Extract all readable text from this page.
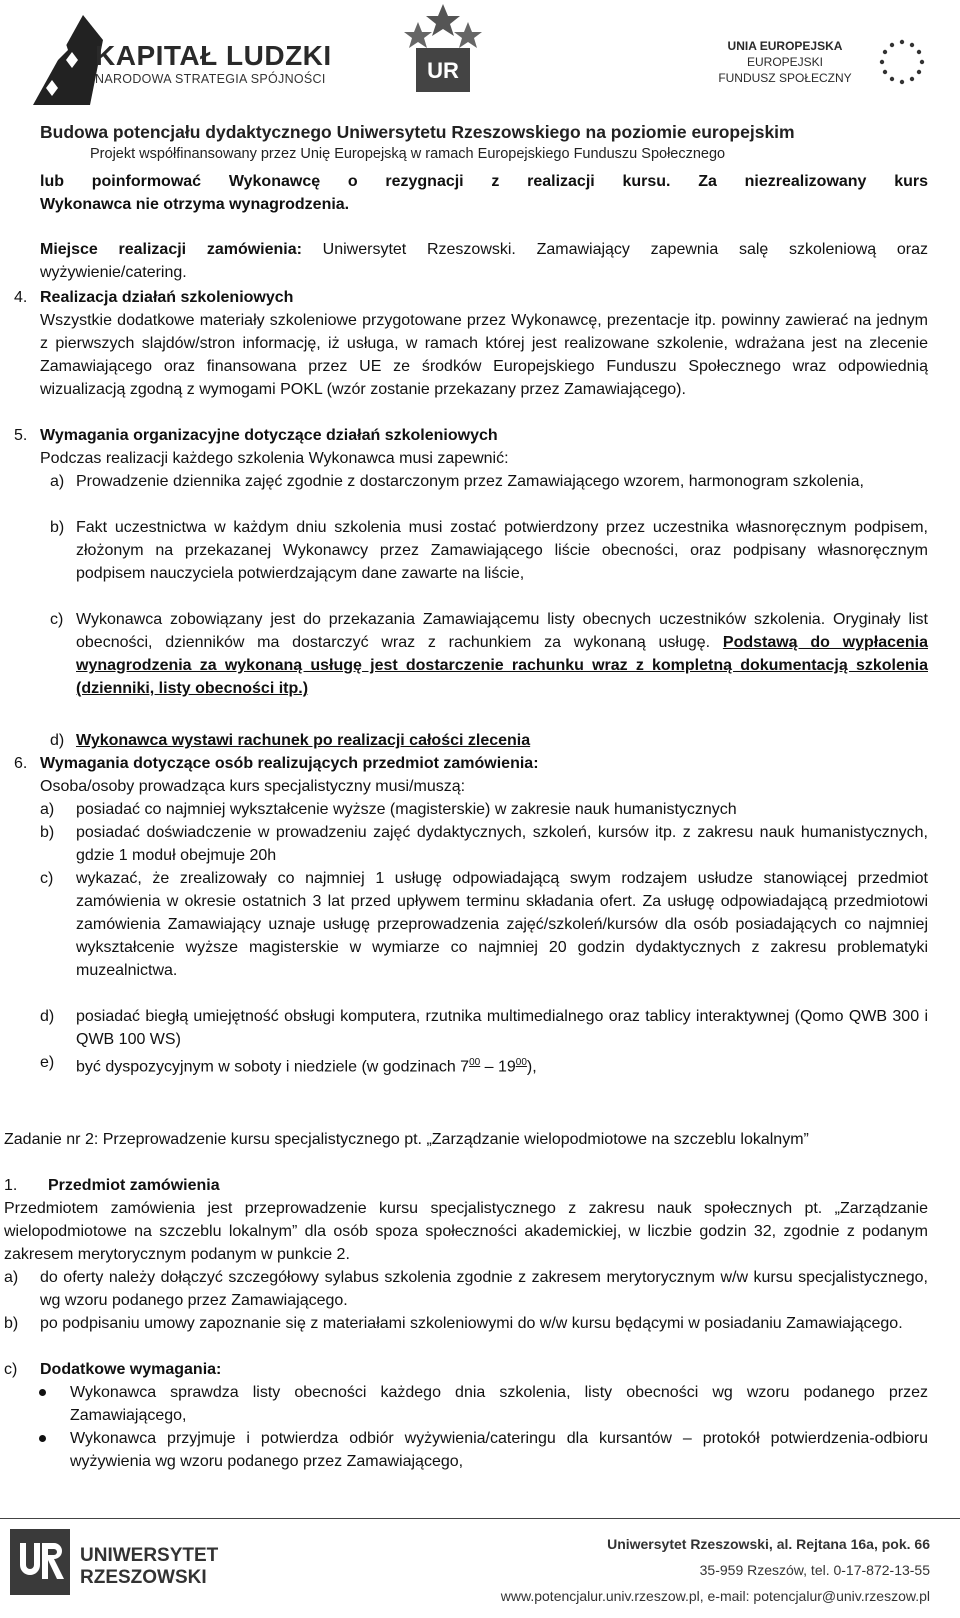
KAPITAŁ LUDZKI
NARODOWA STRATEGIA SPÓJNOŚCI	UR
UNIA EUROPEJSKA
EUROPEJSKI
FUNDUSZ SPOŁECZNY
Budowa potencjału dydaktycznego Uniwersytetu Rzeszowskiego na poziomie europejskim
Projekt współfinansowany przez Unię Europejską w ramach Europejskiego Funduszu Społecznego
lub poinformować Wykonawcę o rezygnacji z realizacji kursu. Za niezrealizowany kurs
Wykonawca nie otrzyma wynagrodzenia.
Miejsce realizacji zamówienia: Uniwersytet Rzeszowski. Zamawiający zapewnia salę szkoleniową oraz wyżywienie/catering.
4. Realizacja działań szkoleniowych
Wszystkie dodatkowe materiały szkoleniowe przygotowane przez Wykonawcę, prezentacje itp. powinny zawierać na jednym z pierwszych slajdów/stron informację, iż usługa, w ramach której jest realizowane szkolenie, wdrażana jest na zlecenie Zamawiającego oraz finansowana przez UE ze środków Europejskiego Funduszu Społecznego wraz odpowiednią wizualizacją zgodną z wymogami POKL (wzór zostanie przekazany przez Zamawiającego).
5. Wymagania organizacyjne dotyczące działań szkoleniowych
Podczas realizacji każdego szkolenia Wykonawca musi zapewnić:
a) Prowadzenie dziennika zajęć zgodnie z dostarczonym przez Zamawiającego wzorem, harmonogram szkolenia,
b) Fakt uczestnictwa w każdym dniu szkolenia musi zostać potwierdzony przez uczestnika własnoręcznym podpisem, złożonym na przekazanej Wykonawcy przez Zamawiającego liście obecności, oraz podpisany własnoręcznym podpisem nauczyciela potwierdzającym dane zawarte na liście,
c) Wykonawca zobowiązany jest do przekazania Zamawiającemu listy obecnych uczestników szkolenia. Oryginały list obecności, dzienników ma dostarczyć wraz z rachunkiem za wykonaną usługę. Podstawą do wypłacenia wynagrodzenia za wykonaną usługę jest dostarczenie rachunku wraz z kompletną dokumentacją szkolenia (dzienniki, listy obecności itp.)
d) Wykonawca wystawi rachunek po realizacji całości zlecenia
6. Wymagania dotyczące osób realizujących przedmiot zamówienia:
Osoba/osoby prowadząca kurs specjalistyczny musi/muszą:
a) posiadać co najmniej wykształcenie wyższe (magisterskie) w zakresie nauk humanistycznych
b) posiadać doświadczenie w prowadzeniu zajęć dydaktycznych, szkoleń, kursów itp. z zakresu nauk humanistycznych, gdzie 1 moduł obejmuje 20h
c) wykazać, że zrealizowały co najmniej 1 usługę odpowiadającą swym rodzajem usłudze stanowiącej przedmiot zamówienia w okresie ostatnich 3 lat przed upływem terminu składania ofert. Za usługę odpowiadającą przedmiotowi zamówienia Zamawiający uznaje usługę przeprowadzenia zajęć/szkoleń/kursów dla osób posiadających co najmniej wykształcenie wyższe magisterskie w wymiarze co najmniej 20 godzin dydaktycznych z zakresu problematyki muzealnictwa.
d) posiadać biegłą umiejętność obsługi komputera, rzutnika multimedialnego oraz tablicy interaktywnej (Qomo QWB 300 i QWB 100 WS)
e) być dyspozycyjnym w soboty i niedziele (w godzinach $7^{00} - 19^{00}$),
Zadanie nr 2: Przeprowadzenie kursu specjalistycznego pt. „Zarządzanie wielopodmiotowe na szczeblu lokalnym”
1. Przedmiot zamówienia
Przedmiotem zamówienia jest przeprowadzenie kursu specjalistycznego z zakresu nauk społecznych pt. „Zarządzanie wielopodmiotowe na szczeblu lokalnym” dla osób spoza społeczności akademickiej, w liczbie godzin 32, zgodnie z podanym zakresem merytorycznym podanym w punkcie 2.
a) do oferty należy dołączyć szczegółowy sylabus szkolenia zgodnie z zakresem merytorycznym w/w kursu specjalistycznego, wg wzoru podanego przez Zamawiającego.
b) po podpisaniu umowy zapoznanie się z materiałami szkoleniowymi do w/w kursu będącymi w posiadaniu Zamawiającego.
c) Dodatkowe wymagania:
Wykonawca sprawdza listy obecności każdego dnia szkolenia, listy obecności wg wzoru podanego przez Zamawiającego,
Wykonawca przyjmuje i potwierdza odbiór wyżywienia/cateringu dla kursantów – protokół potwierdzenia-odbioru wyżywienia wg wzoru podanego przez Zamawiającego,
UNIWERSYTET
RZESZOWSKI
Uniwersytet Rzeszowski, al. Rejtana 16a, pok. 66
35-959 Rzeszów, tel. 0-17-872-13-55
www.potencjalur.univ.rzeszow.pl, e-mail: potencjalur@univ.rzeszow.pl
